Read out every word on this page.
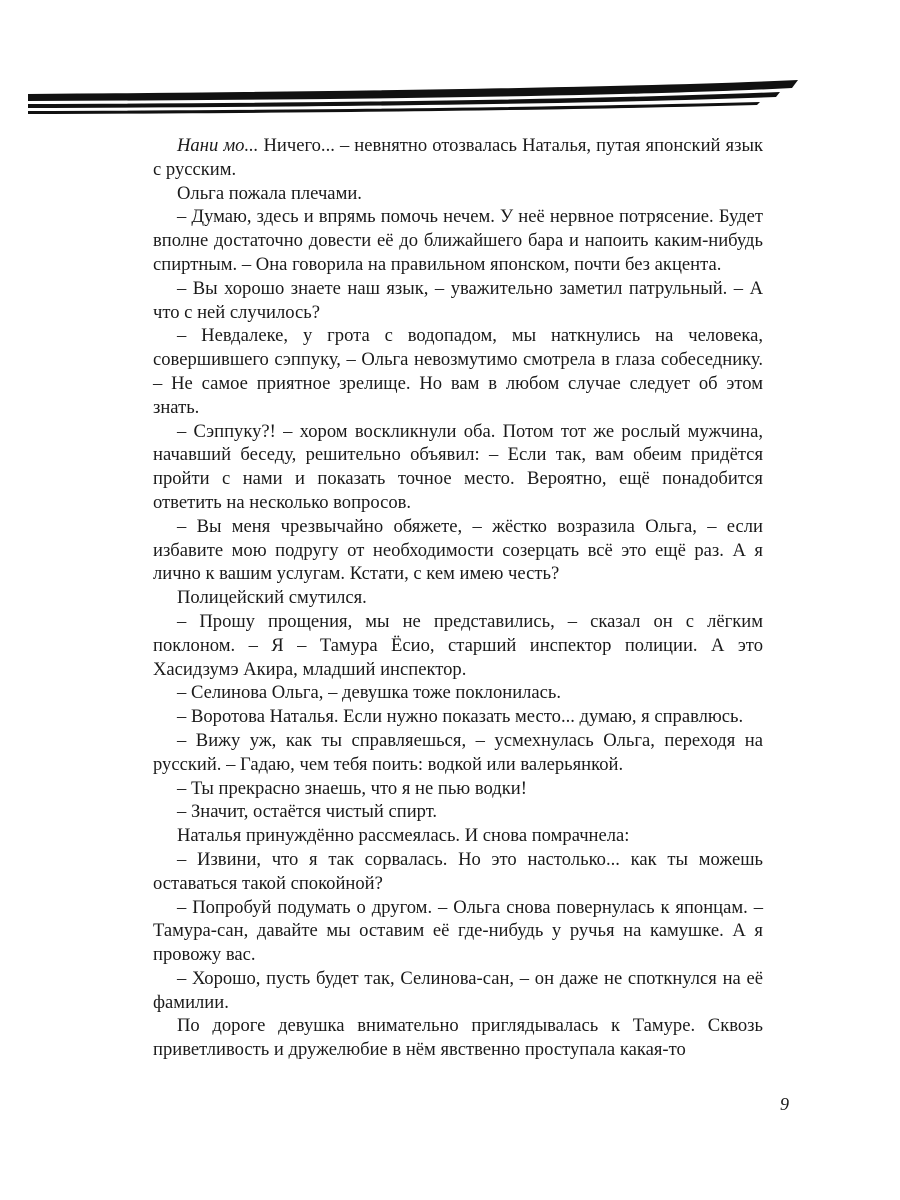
Нани мо... Ничего... – невнятно отозвалась Наталья, путая японский язык с русским.

Ольга пожала плечами.

– Думаю, здесь и впрямь помочь нечем. У неё нервное потрясение. Будет вполне достаточно довести её до ближайшего бара и напоить каким-нибудь спиртным. – Она говорила на правильном японском, почти без акцента.

– Вы хорошо знаете наш язык, – уважительно заметил патрульный. – А что с ней случилось?

– Невдалеке, у грота с водопадом, мы наткнулись на человека, совершившего сэппуку, – Ольга невозмутимо смотрела в глаза собеседнику. – Не самое приятное зрелище. Но вам в любом случае следует об этом знать.

– Сэппуку?! – хором воскликнули оба. Потом тот же рослый мужчина, начавший беседу, решительно объявил: – Если так, вам обеим придётся пройти с нами и показать точное место. Вероятно, ещё понадобится ответить на несколько вопросов.

– Вы меня чрезвычайно обяжете, – жёстко возразила Ольга, – если избавите мою подругу от необходимости созерцать всё это ещё раз. А я лично к вашим услугам. Кстати, с кем имею честь?

Полицейский смутился.

– Прошу прощения, мы не представились, – сказал он с лёгким поклоном. – Я – Тамура Ёсио, старший инспектор полиции. А это Хасидзумэ Акира, младший инспектор.

– Селинова Ольга, – девушка тоже поклонилась.

– Воротова Наталья. Если нужно показать место... думаю, я справлюсь.

– Вижу уж, как ты справляешься, – усмехнулась Ольга, переходя на русский. – Гадаю, чем тебя поить: водкой или валерьянкой.

– Ты прекрасно знаешь, что я не пью водки!

– Значит, остаётся чистый спирт.

Наталья принуждённо рассмеялась. И снова помрачнела:

– Извини, что я так сорвалась. Но это настолько... как ты можешь оставаться такой спокойной?

– Попробуй подумать о другом. – Ольга снова повернулась к японцам. – Тамура-сан, давайте мы оставим её где-нибудь у ручья на камушке. А я провожу вас.

– Хорошо, пусть будет так, Селинова-сан, – он даже не споткнулся на её фамилии.

По дороге девушка внимательно приглядывалась к Тамуре. Сквозь приветливость и дружелюбие в нём явственно проступала какая-то

9
